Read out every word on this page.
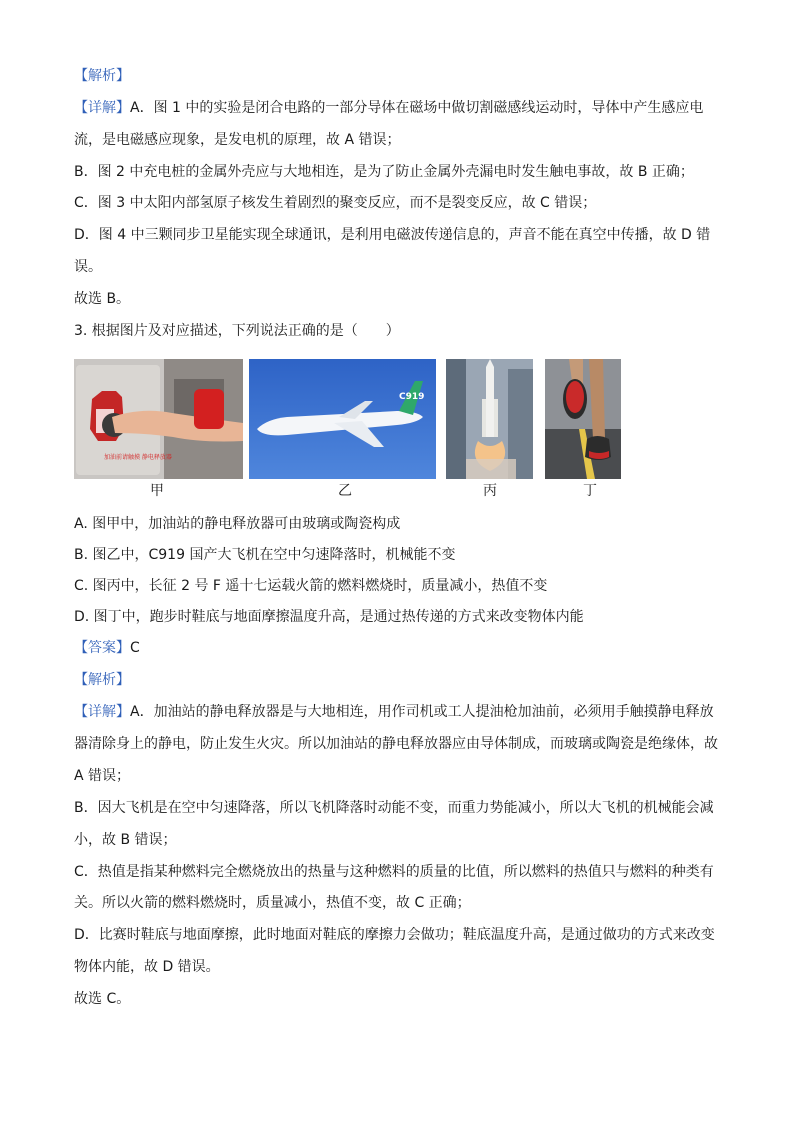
【解析】
【详解】A．图 1 中的实验是闭合电路的一部分导体在磁场中做切割磁感线运动时，导体中产生感应电
流，是电磁感应现象，是发电机的原理，故 A 错误；
B．图 2 中充电桩的金属外壳应与大地相连，是为了防止金属外壳漏电时发生触电事故，故 B 正确；
C．图 3 中太阳内部氢原子核发生着剧烈的聚变反应，而不是裂变反应，故 C 错误；
D．图 4 中三颗同步卫星能实现全球通讯，是利用电磁波传递信息的，声音不能在真空中传播，故 D 错
误。
故选 B。
3. 根据图片及对应描述，下列说法正确的是（　　）
加油前请触摸 静电释放器
C919
甲	乙	丙	丁
A. 图甲中，加油站的静电释放器可由玻璃或陶瓷构成
B. 图乙中，C919 国产大飞机在空中匀速降落时，机械能不变
C. 图丙中，长征 2 号 F 遥十七运载火箭的燃料燃烧时，质量减小，热值不变
D. 图丁中，跑步时鞋底与地面摩擦温度升高，是通过热传递的方式来改变物体内能
【答案】C
【解析】
【详解】A．加油站的静电释放器是与大地相连，用作司机或工人提油枪加油前，必须用手触摸静电释放
器清除身上的静电，防止发生火灾。所以加油站的静电释放器应由导体制成，而玻璃或陶瓷是绝缘体，故
A 错误；
B．因大飞机是在空中匀速降落，所以飞机降落时动能不变，而重力势能减小，所以大飞机的机械能会减
小，故 B 错误；
C．热值是指某种燃料完全燃烧放出的热量与这种燃料的质量的比值，所以燃料的热值只与燃料的种类有
关。所以火箭的燃料燃烧时，质量减小，热值不变，故 C 正确；
D．比赛时鞋底与地面摩擦，此时地面对鞋底的摩擦力会做功；鞋底温度升高，是通过做功的方式来改变
物体内能，故 D 错误。
故选 C。
